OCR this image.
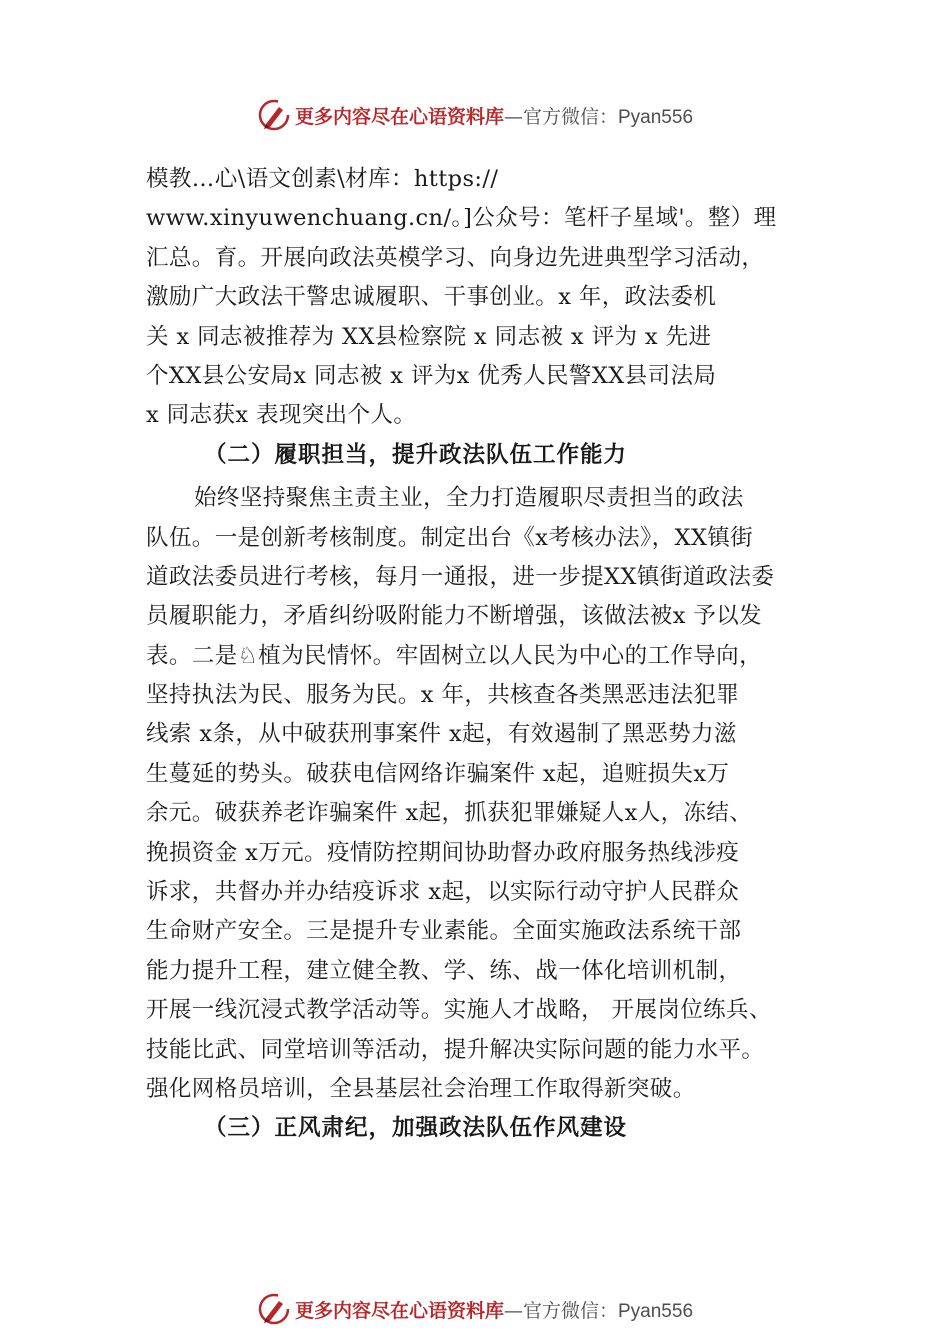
更多内容尽在心语资料库 — 官方微信： Pyan556
模教…心\语文创素\材库：https://
www.xinyuwenchuang.cn/。]公众号：笔杆子星域'。整）理
汇总。育。开展向政法英模学习、向身边先进典型学习活动，
激励广大政法干警忠诚履职、干事创业。x 年，政法委机
关 x 同志被推荐为 XX县检察院 x 同志被 x 评为 x 先进
个XX县公安局x 同志被 x 评为x 优秀人民警XX县司法局
x 同志获x 表现突出个人。
（二）履职担当，提升政法队伍工作能力
始终坚持聚焦主责主业，全力打造履职尽责担当的政法
队伍。一是创新考核制度。制定出台《x考核办法》，XX镇街
道政法委员进行考核，每月一通报，进一步提XX镇街道政法委
员履职能力，矛盾纠纷吸附能力不断增强，该做法被x 予以发
表。二是♘植为民情怀。牢固树立以人民为中心的工作导向，
坚持执法为民、服务为民。x 年，共核查各类黑恶违法犯罪
线索 x条，从中破获刑事案件 x起，有效遏制了黑恶势力滋
生蔓延的势头。破获电信网络诈骗案件 x起，追赃损失x万
余元。破获养老诈骗案件 x起，抓获犯罪嫌疑人x人，冻结、
挽损资金 x万元。疫情防控期间协助督办政府服务热线涉疫
诉求，共督办并办结疫诉求 x起，以实际行动守护人民群众
生命财产安全。三是提升专业素能。全面实施政法系统干部
能力提升工程，建立健全教、学、练、战一体化培训机制，
开展一线沉浸式教学活动等。实施人才战略， 开展岗位练兵、
技能比武、同堂培训等活动，提升解决实际问题的能力水平。
强化网格员培训，全县基层社会治理工作取得新突破。
（三）正风肃纪，加强政法队伍作风建设
更多内容尽在心语资料库 — 官方微信： Pyan556
